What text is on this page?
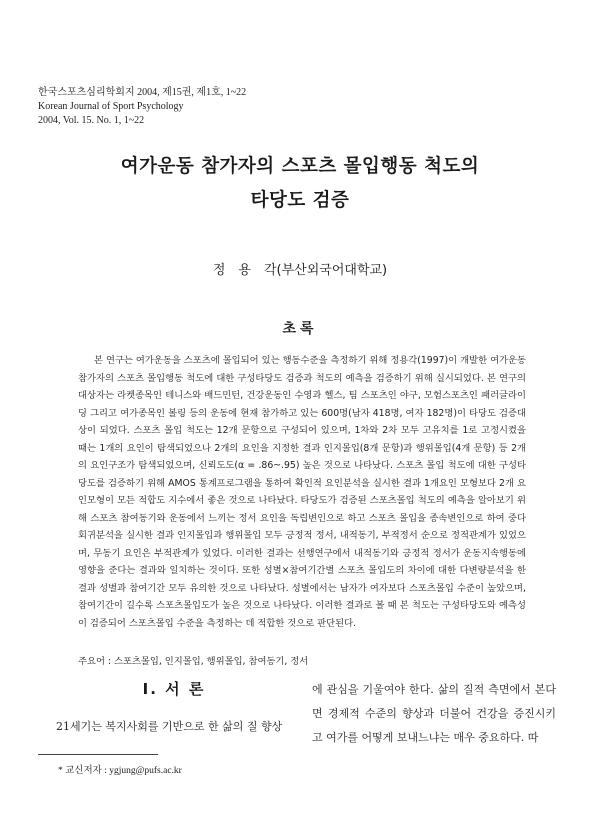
한국스포츠심리학회지 2004, 제15권, 제1호, 1~22
Korean Journal of Sport Psychology
2004, Vol. 15. No. 1, 1~22
여가운동 참가자의 스포츠 몰입행동 척도의
타당도 검증
정　용　각(부산외국어대학교)
초록
본 연구는 여가운동을 스포츠에 몰입되어 있는 행동수준을 측정하기 위해 정용각(1997)이 개발한 여가운동 참가자의 스포츠 몰입행동 척도에 대한 구성타당도 검증과 척도의 예측을 검증하기 위해 실시되었다. 본 연구의 대상자는 라켓종목인 테니스와 배드민턴, 건강운동인 수영과 헬스, 팀 스포츠인 야구, 모험스포츠인 패러글라이딩 그리고 여가종목인 볼링 등의 운동에 현재 참가하고 있는 600명(남자 418명, 여자 182명)이 타당도 검증대상이 되었다. 스포츠 몰입 척도는 12개 문항으로 구성되어 있으며, 1차와 2차 모두 고유치를 1로 고정시켰을 때는 1개의 요인이 탐색되었으나 2개의 요인을 지정한 결과 인지몰입(8개 문항)과 행위몰입(4개 문항) 등 2개의 요인구조가 탐색되었으며, 신뢰도도(α = .86~.95) 높은 것으로 나타났다. 스포츠 몰입 척도에 대한 구성타당도를 검증하기 위해 AMOS 통계프로그램을 통하여 확인적 요인분석을 실시한 결과 1개요인 모형보다 2개 요인모형이 모든 적합도 지수에서 좋은 것으로 나타났다. 타당도가 검증된 스포츠몰입 척도의 예측을 알아보기 위해 스포츠 참여동기와 운동에서 느끼는 정서 요인을 독립변인으로 하고 스포츠 몰입을 종속변인으로 하여 중다회귀분석을 실시한 결과 인지몰입과 행위몰입 모두 긍정적 정서, 내적동기, 부적정서 순으로 정적관계가 있었으며, 무동기 요인은 부적관계가 있었다. 이러한 결과는 선행연구에서 내적동기와 긍정적 정서가 운동지속행동에 영향을 준다는 결과와 일치하는 것이다. 또한 성별×참여기간별 스포츠 몰입도의 차이에 대한 다변량분석을 한 결과 성별과 참여기간 모두 유의한 것으로 나타났다. 성별에서는 남자가 여자보다 스포츠몰입 수준이 높았으며, 참여기간이 길수록 스포츠몰입도가 높은 것으로 나타났다. 이러한 결과로 볼 때 본 척도는 구성타당도와 예측성이 검증되어 스포츠몰입 수준을 측정하는 데 적합한 것으로 판단된다.
주요어 : 스포츠몰입, 인지몰입, 행위몰입, 참여동기, 정서
Ⅰ. 서 론
21세기는 복지사회를 기반으로 한 삶의 질 향상
에 관심을 기울여야 한다. 삶의 질적 측면에서 본다면 경제적 수준의 향상과 더불어 건강을 증진시키고 여가를 어떻게 보내느냐는 매우 중요하다. 따
* 교신저자 : ygjung@pufs.ac.kr
